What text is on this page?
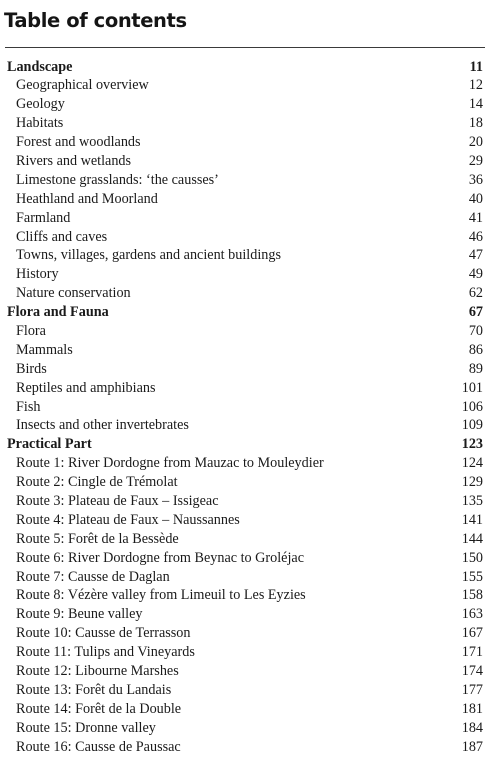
Table of contents
Landscape	11
Geographical overview	12
Geology	14
Habitats	18
Forest and woodlands	20
Rivers and wetlands	29
Limestone grasslands: ‘the causses’	36
Heathland and Moorland	40
Farmland	41
Cliffs and caves	46
Towns, villages, gardens and ancient buildings	47
History	49
Nature conservation	62
Flora and Fauna	67
Flora	70
Mammals	86
Birds	89
Reptiles and amphibians	101
Fish	106
Insects and other invertebrates	109
Practical Part	123
Route 1: River Dordogne from Mauzac to Mouleydier	124
Route 2: Cingle de Trémolat	129
Route 3: Plateau de Faux – Issigeac	135
Route 4: Plateau de Faux – Naussannes	141
Route 5: Forêt de la Bessède	144
Route 6: River Dordogne from Beynac to Groléjac	150
Route 7: Causse de Daglan	155
Route 8: Vézère valley from Limeuil to Les Eyzies	158
Route 9: Beune valley	163
Route 10: Causse de Terrasson	167
Route 11: Tulips and Vineyards	171
Route 12: Libourne Marshes	174
Route 13: Forêt du Landais	177
Route 14: Forêt de la Double	181
Route 15: Dronne valley	184
Route 16: Causse de Paussac	187
